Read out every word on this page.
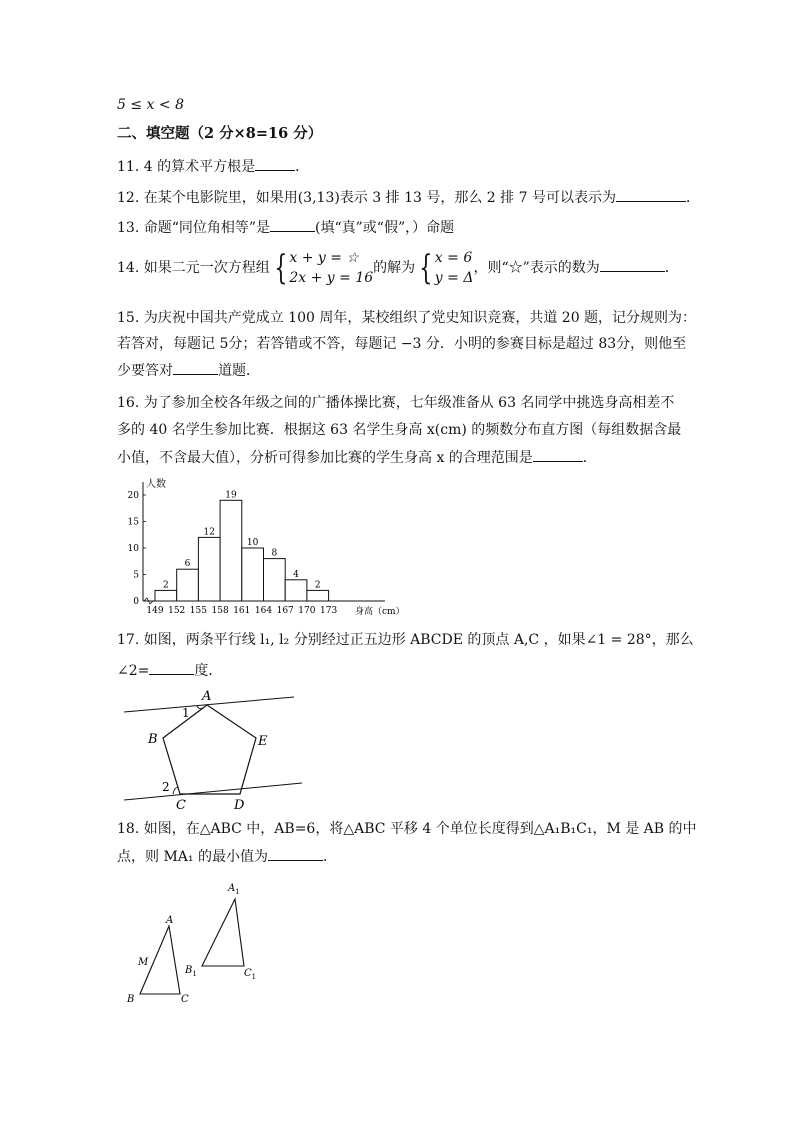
5 ≤ x < 8
二、填空题（2 分×8=16 分）
11. 4 的算术平方根是	．
12. 在某个电影院里，如果用(3,13)表示 3 排 13 号，那么 2 排 7 号可以表示为	．
13. 命题“同位角相等”是	(填“真”或“假”，）命题
14. 如果二元一次方程组 { x + y = ☆
2x + y = 16的解为 { x = 6
y = Δ，则“☆”表示的数为	．
15. 为庆祝中国共产党成立 100 周年，某校组织了党史知识竞赛，共道 20 题，记分规则为：
若答对，每题记 5分；若答错或不答，每题记 −3 分．小明的参赛目标是超过 83分，则他至
少要答对	道题．
16. 为了参加全校各年级之间的广播体操比赛，七年级准备从 63 名同学中挑选身高相差不
多的 40 名学生参加比赛．根据这 63 名学生身高 x(cm) 的频数分布直方图（每组数据含最
小值，不含最大值），分析可得参加比赛的学生身高 x 的合理范围是	．
0
5
10
15
20
人数
2
6
12
19
10
8
4
2
149 152 155 158 161 164 167 170 173 身高（cm）
17. 如图，两条平行线 l₁, l₂ 分别经过正五边形 ABCDE 的顶点 A,C ，如果∠1 = 28°，那么
∠2=	度．
A
B	E
C	D
1
2
18. 如图，在△ABC 中，AB=6，将△ABC 平移 4 个单位长度得到△A₁B₁C₁，M 是 AB 的中
点，则 MA₁ 的最小值为	．
A
M
B	C
$A_1$
$B_1$	$C_1$
